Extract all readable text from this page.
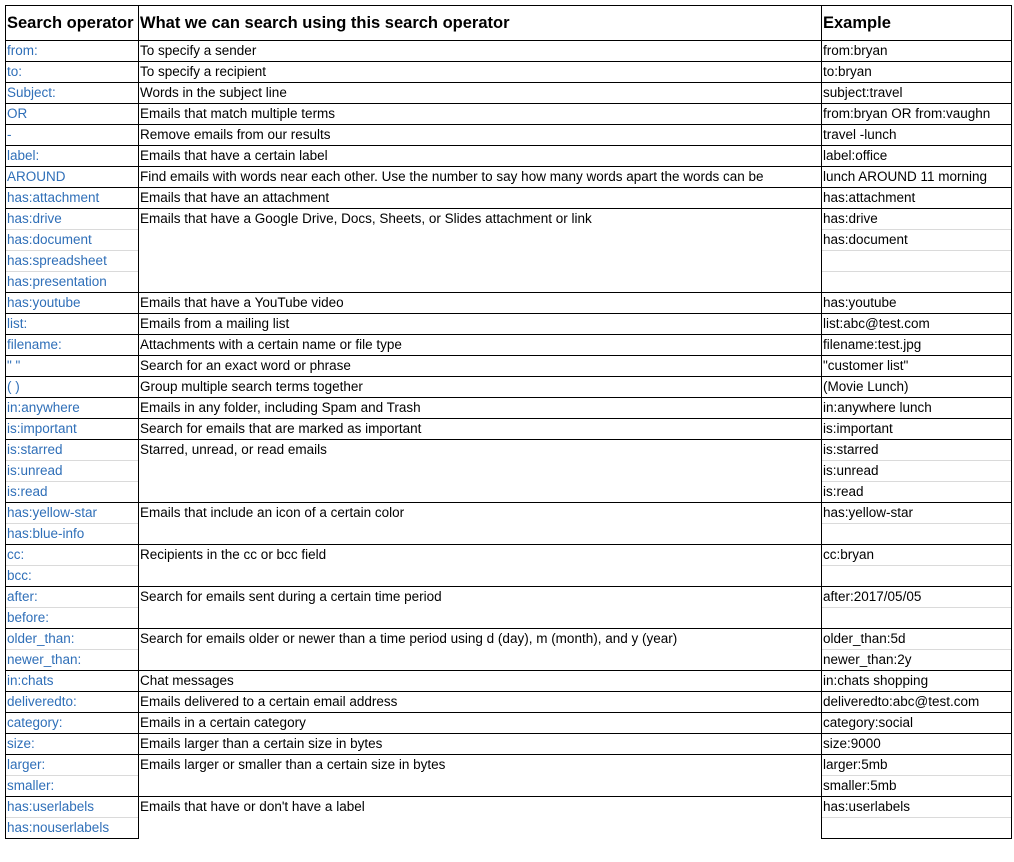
Search operator	What we can search using this search operator	Example
from:	To specify a sender	from:bryan
to:	To specify a recipient	to:bryan
Subject:	Words in the subject line	subject:travel
OR	Emails that match multiple terms	from:bryan OR from:vaughn
-	Remove emails from our results	travel -lunch
label:	Emails that have a certain label	label:office
AROUND	Find emails with words near each other. Use the number to say how many words apart the words can be	lunch AROUND 11 morning
has:attachment	Emails that have an attachment	has:attachment
has:drive	Emails that have a Google Drive, Docs, Sheets, or Slides attachment or link	has:drive
has:document		has:document
has:spreadsheet		
has:presentation		
has:youtube	Emails that have a YouTube video	has:youtube
list:	Emails from a mailing list	list:abc@test.com
filename:	Attachments with a certain name or file type	filename:test.jpg
" "	Search for an exact word or phrase	"customer list"
( )	Group multiple search terms together	(Movie Lunch)
in:anywhere	Emails in any folder, including Spam and Trash	in:anywhere lunch
is:important	Search for emails that are marked as important	is:important
is:starred	Starred, unread, or read emails	is:starred
is:unread		is:unread
is:read		is:read
has:yellow-star	Emails that include an icon of a certain color	has:yellow-star
has:blue-info		
cc:	Recipients in the cc or bcc field	cc:bryan
bcc:		
after:	Search for emails sent during a certain time period	after:2017/05/05
before:		
older_than:	Search for emails older or newer than a time period using d (day), m (month), and y (year)	older_than:5d
newer_than:		newer_than:2y
in:chats	Chat messages	in:chats shopping
deliveredto:	Emails delivered to a certain email address	deliveredto:abc@test.com
category:	Emails in a certain category	category:social
size:	Emails larger than a certain size in bytes	size:9000
larger:	Emails larger or smaller than a certain size in bytes	larger:5mb
smaller:		smaller:5mb
has:userlabels	Emails that have or don't have a label	has:userlabels
has:nouserlabels		
